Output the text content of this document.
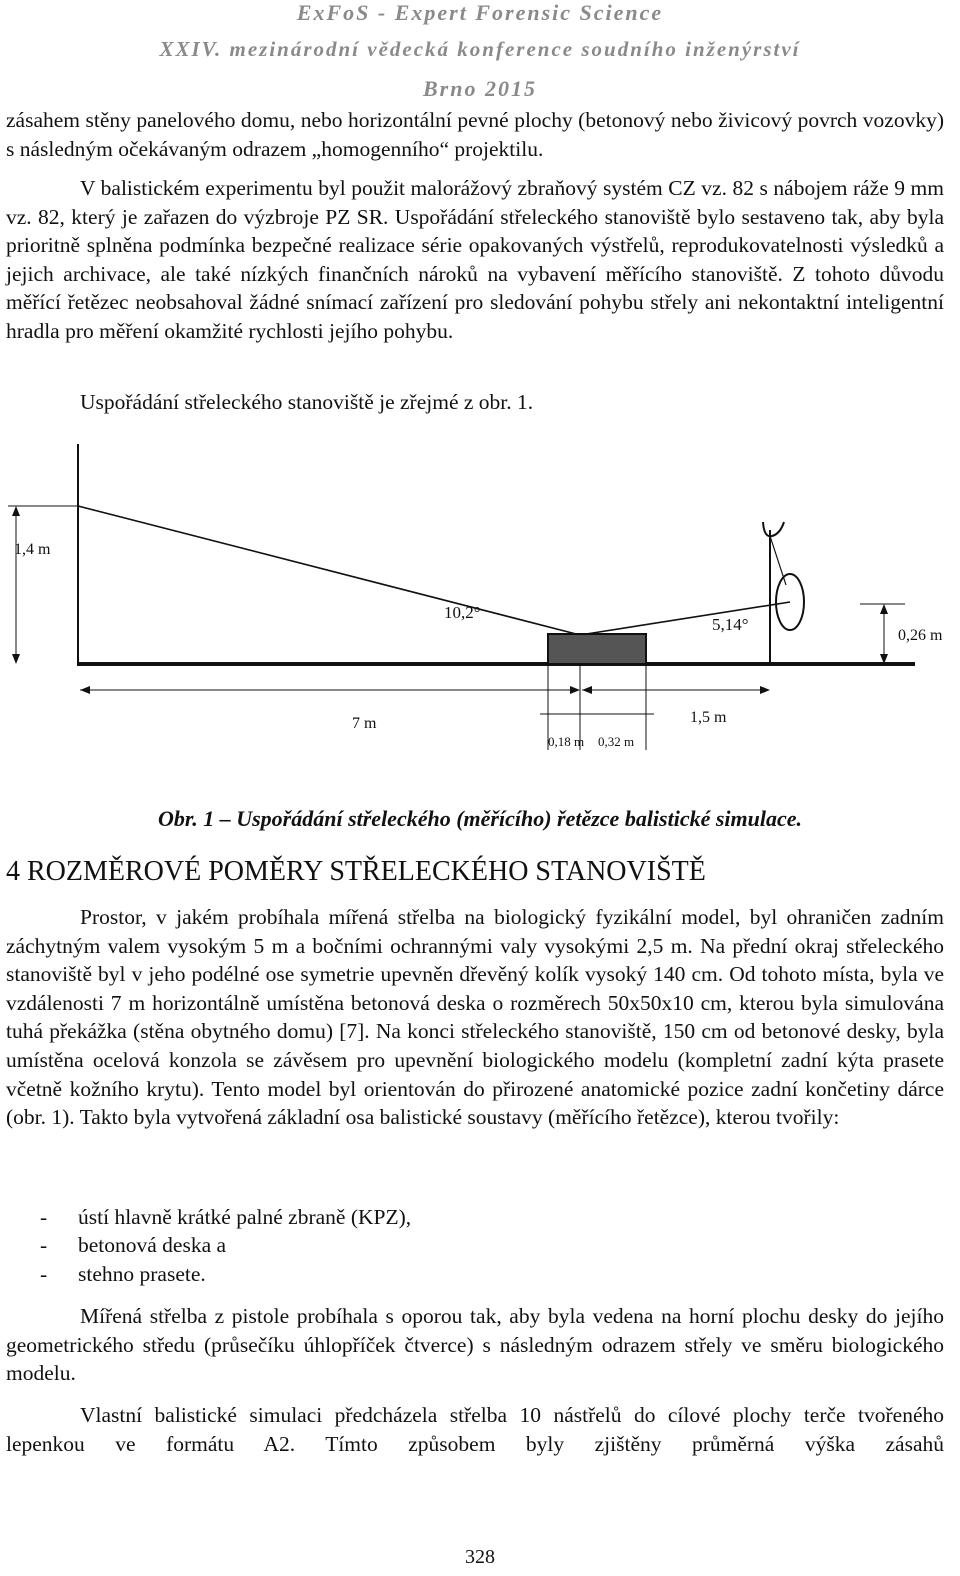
ExFoS - Expert Forensic Science
XXIV. mezinárodní vědecká konference soudního inženýrství
Brno 2015
zásahem stěny panelového domu, nebo horizontální pevné plochy (betonový nebo živicový povrch vozovky) s následným očekávaným odrazem „homogenního“ projektilu.
V balistickém experimentu byl použit malorážový zbraňový systém CZ vz. 82 s nábojem ráže 9 mm vz. 82, který je zařazen do výzbroje PZ SR. Uspořádání střeleckého stanoviště bylo sestaveno tak, aby byla prioritně splněna podmínka bezpečné realizace série opakovaných výstřelů, reprodukovatelnosti výsledků a jejich archivace, ale také nízkých finančních nároků na vybavení měřícího stanoviště. Z tohoto důvodu měřící řetězec neobsahoval žádné snímací zařízení pro sledování pohybu střely ani nekontaktní inteligentní hradla pro měření okamžité rychlosti jejího pohybu.
Uspořádání střeleckého stanoviště je zřejmé z obr. 1.
1,4 m
10,2°
5,14°
0,26 m
7 m	1,5 m
0,18 m 0,32 m
Obr. 1 – Uspořádání střeleckého (měřícího) řetězce balistické simulace.
4 ROZMĚROVÉ POMĚRY STŘELECKÉHO STANOVIŠTĚ
Prostor, v jakém probíhala mířená střelba na biologický fyzikální model, byl ohraničen zadním záchytným valem vysokým 5 m a bočními ochrannými valy vysokými 2,5 m. Na přední okraj střeleckého stanoviště byl v jeho podélné ose symetrie upevněn dřevěný kolík vysoký 140 cm. Od tohoto místa, byla ve vzdálenosti 7 m horizontálně umístěna betonová deska o rozměrech 50x50x10 cm, kterou byla simulována tuhá překážka (stěna obytného domu) [7]. Na konci střeleckého stanoviště, 150 cm od betonové desky, byla umístěna ocelová konzola se závěsem pro upevnění biologického modelu (kompletní zadní kýta prasete včetně kožního krytu). Tento model byl orientován do přirozené anatomické pozice zadní končetiny dárce (obr. 1). Takto byla vytvořená základní osa balistické soustavy (měřícího řetězce), kterou tvořily:
- ústí hlavně krátké palné zbraně (KPZ),
- betonová deska a
- stehno prasete.
Mířená střelba z pistole probíhala s oporou tak, aby byla vedena na horní plochu desky do jejího geometrického středu (průsečíku úhlopříček čtverce) s následným odrazem střely ve směru biologického modelu.
Vlastní balistické simulaci předcházela střelba 10 nástřelů do cílové plochy terče tvořeného lepenkou ve formátu A2. Tímto způsobem byly zjištěny průměrná výška zásahů
328
